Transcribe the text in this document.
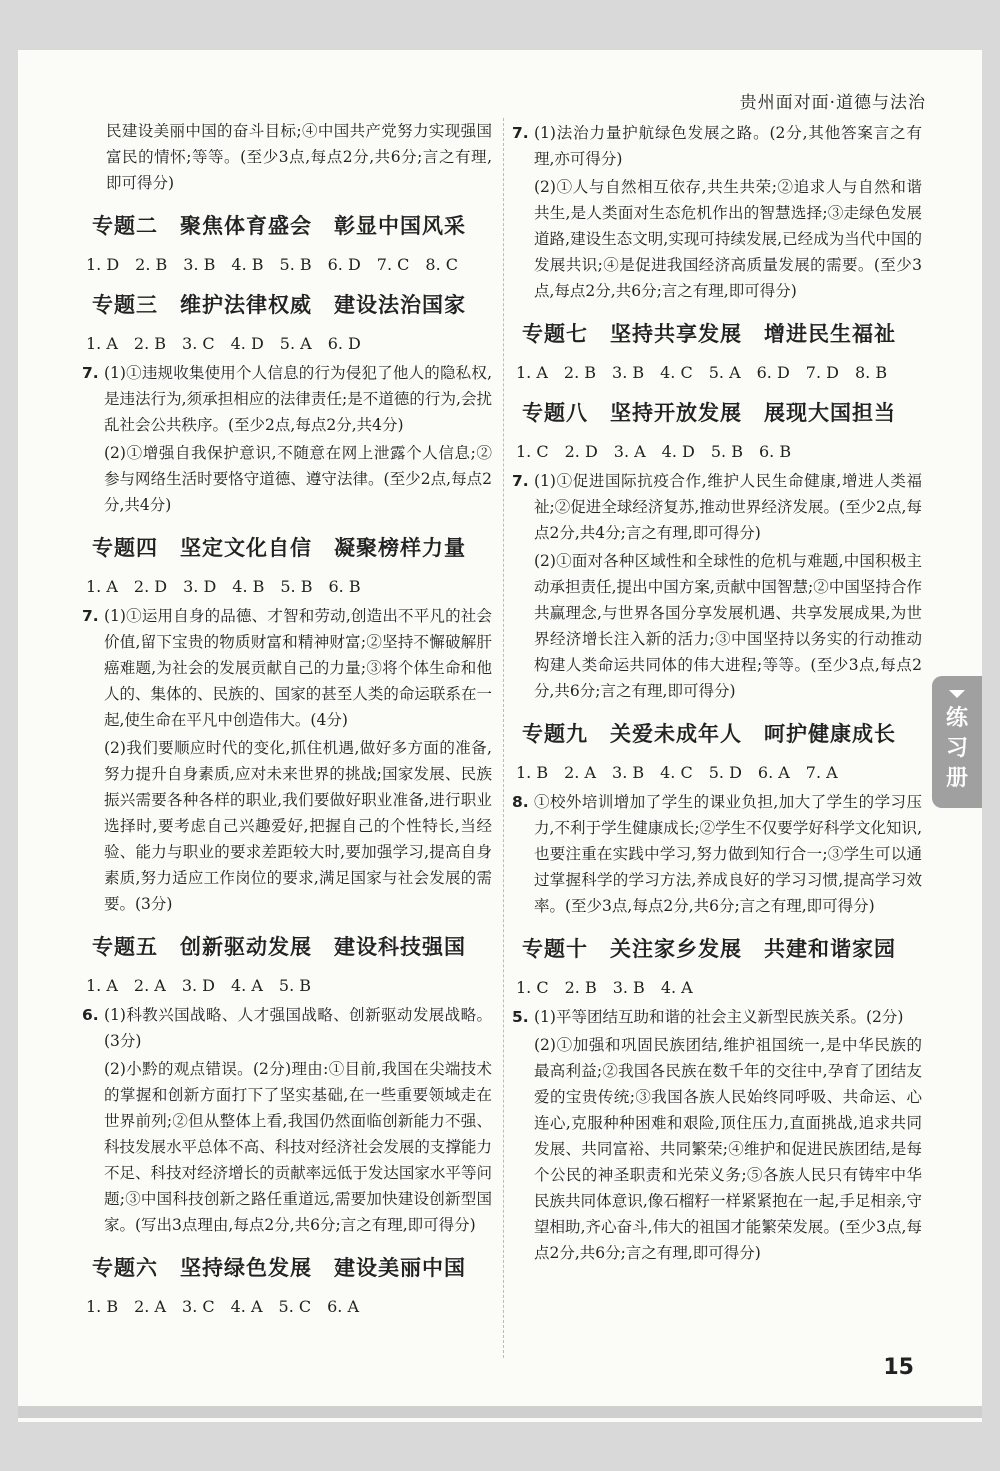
贵州面对面·道德与法治
民建设美丽中国的奋斗目标;④中国共产党努力实现强国富民的情怀;等等。(至少3点,每点2分,共6分;言之有理,即可得分)
专题二　聚焦体育盛会　彰显中国风采
1. D　2. B　3. B　4. B　5. B　6. D　7. C　8. C
专题三　维护法律权威　建设法治国家
1. A　2. B　3. C　4. D　5. A　6. D
7. (1)①违规收集使用个人信息的行为侵犯了他人的隐私权,是违法行为,须承担相应的法律责任;是不道德的行为,会扰乱社会公共秩序。(至少2点,每点2分,共4分)
(2)①增强自我保护意识,不随意在网上泄露个人信息;②参与网络生活时要恪守道德、遵守法律。(至少2点,每点2分,共4分)
专题四　坚定文化自信　凝聚榜样力量
1. A　2. D　3. D　4. B　5. B　6. B
7. (1)①运用自身的品德、才智和劳动,创造出不平凡的社会价值,留下宝贵的物质财富和精神财富;②坚持不懈破解肝癌难题,为社会的发展贡献自己的力量;③将个体生命和他人的、集体的、民族的、国家的甚至人类的命运联系在一起,使生命在平凡中创造伟大。(4分)
(2)我们要顺应时代的变化,抓住机遇,做好多方面的准备,努力提升自身素质,应对未来世界的挑战;国家发展、民族振兴需要各种各样的职业,我们要做好职业准备,进行职业选择时,要考虑自己兴趣爱好,把握自己的个性特长,当经验、能力与职业的要求差距较大时,要加强学习,提高自身素质,努力适应工作岗位的要求,满足国家与社会发展的需要。(3分)
专题五　创新驱动发展　建设科技强国
1. A　2. A　3. D　4. A　5. B
6. (1)科教兴国战略、人才强国战略、创新驱动发展战略。(3分)
(2)小黔的观点错误。(2分)理由:①目前,我国在尖端技术的掌握和创新方面打下了坚实基础,在一些重要领域走在世界前列;②但从整体上看,我国仍然面临创新能力不强、科技发展水平总体不高、科技对经济社会发展的支撑能力不足、科技对经济增长的贡献率远低于发达国家水平等问题;③中国科技创新之路任重道远,需要加快建设创新型国家。(写出3点理由,每点2分,共6分;言之有理,即可得分)
专题六　坚持绿色发展　建设美丽中国
1. B　2. A　3. C　4. A　5. C　6. A
7. (1)法治力量护航绿色发展之路。(2分,其他答案言之有理,亦可得分)
(2)①人与自然相互依存,共生共荣;②追求人与自然和谐共生,是人类面对生态危机作出的智慧选择;③走绿色发展道路,建设生态文明,实现可持续发展,已经成为当代中国的发展共识;④是促进我国经济高质量发展的需要。(至少3点,每点2分,共6分;言之有理,即可得分)
专题七　坚持共享发展　增进民生福祉
1. A　2. B　3. B　4. C　5. A　6. D　7. D　8. B
专题八　坚持开放发展　展现大国担当
1. C　2. D　3. A　4. D　5. B　6. B
7. (1)①促进国际抗疫合作,维护人民生命健康,增进人类福祉;②促进全球经济复苏,推动世界经济发展。(至少2点,每点2分,共4分;言之有理,即可得分)
(2)①面对各种区域性和全球性的危机与难题,中国积极主动承担责任,提出中国方案,贡献中国智慧;②中国坚持合作共赢理念,与世界各国分享发展机遇、共享发展成果,为世界经济增长注入新的活力;③中国坚持以务实的行动推动构建人类命运共同体的伟大进程;等等。(至少3点,每点2分,共6分;言之有理,即可得分)
专题九　关爱未成年人　呵护健康成长
1. B　2. A　3. B　4. C　5. D　6. A　7. A
8. ①校外培训增加了学生的课业负担,加大了学生的学习压力,不利于学生健康成长;②学生不仅要学好科学文化知识,也要注重在实践中学习,努力做到知行合一;③学生可以通过掌握科学的学习方法,养成良好的学习习惯,提高学习效率。(至少3点,每点2分,共6分;言之有理,即可得分)
专题十　关注家乡发展　共建和谐家园
1. C　2. B　3. B　4. A
5. (1)平等团结互助和谐的社会主义新型民族关系。(2分)
(2)①加强和巩固民族团结,维护祖国统一,是中华民族的最高利益;②我国各民族在数千年的交往中,孕育了团结友爱的宝贵传统;③我国各族人民始终同呼吸、共命运、心连心,克服种种困难和艰险,顶住压力,直面挑战,追求共同发展、共同富裕、共同繁荣;④维护和促进民族团结,是每个公民的神圣职责和光荣义务;⑤各族人民只有铸牢中华民族共同体意识,像石榴籽一样紧紧抱在一起,手足相亲,守望相助,齐心奋斗,伟大的祖国才能繁荣发展。(至少3点,每点2分,共6分;言之有理,即可得分)
练习册
15
